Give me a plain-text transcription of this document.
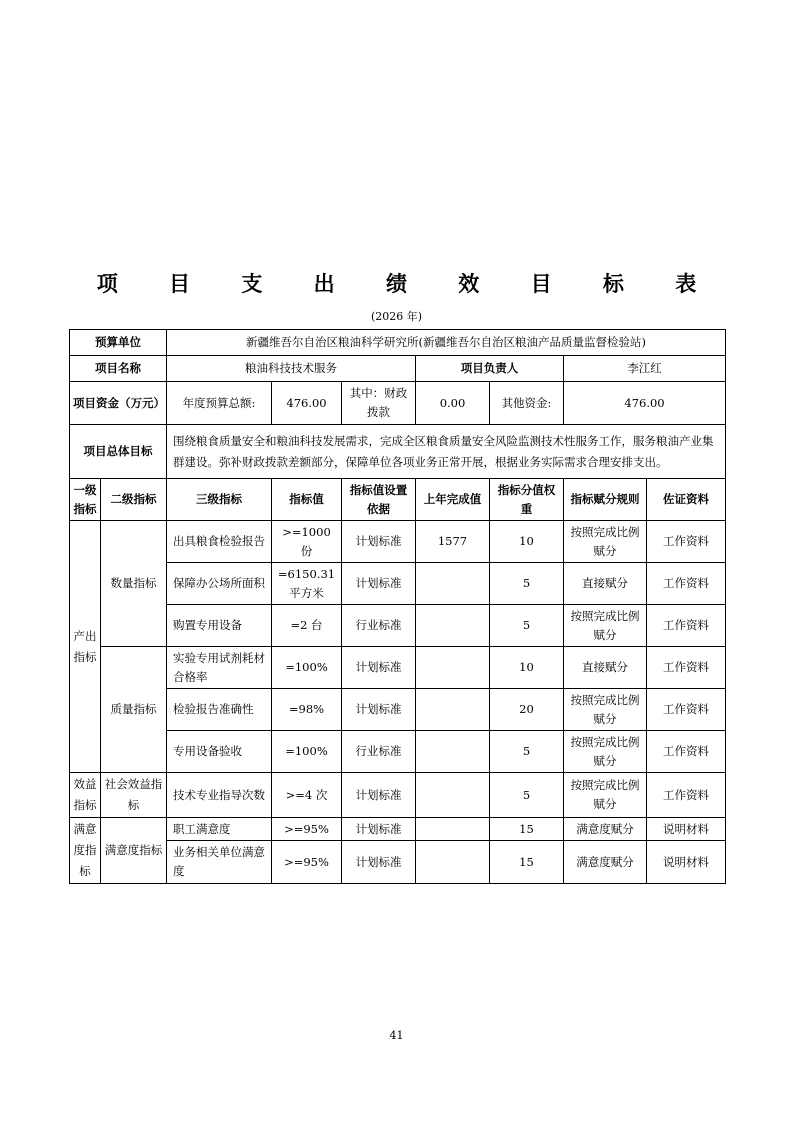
项 目 支 出 绩 效 目 标 表
(2026 年)
预算单位		新疆维吾尔自治区粮油科学研究所(新疆维吾尔自治区粮油产品质量监督检验站)						
项目名称		粮油科技技术服务			项目负责人		李江红	
项目资金（万元）		年度预算总额:	476.00	其中：财政拨款	0.00	其他资金:	476.00	
项目总体目标		围绕粮食质量安全和粮油科技发展需求，完成全区粮食质量安全风险监测技术性服务工作，服务粮油产业集群建设。弥补财政拨款差额部分，保障单位各项业务正常开展，根据业务实际需求合理安排支出。						
一级指标	二级指标	三级指标	指标值	指标值设置依据	上年完成值	指标分值权重	指标赋分规则	佐证资料
产出指标	数量指标	出具粮食检验报告	>=1000 份	计划标准	1577	10	按照完成比例赋分	工作资料
		保障办公场所面积	=6150.31 平方米	计划标准		5	直接赋分	工作资料
		购置专用设备	=2 台	行业标准		5	按照完成比例赋分	工作资料
	质量指标	实验专用试剂耗材合格率	=100%	计划标准		10	直接赋分	工作资料
		检验报告准确性	=98%	计划标准		20	按照完成比例赋分	工作资料
		专用设备验收	=100%	行业标准		5	按照完成比例赋分	工作资料
效益指标	社会效益指标	技术专业指导次数	>=4 次	计划标准		5	按照完成比例赋分	工作资料
满意度指标	满意度指标	职工满意度	>=95%	计划标准		15	满意度赋分	说明材料
		业务相关单位满意度	>=95%	计划标准		15	满意度赋分	说明材料
41
